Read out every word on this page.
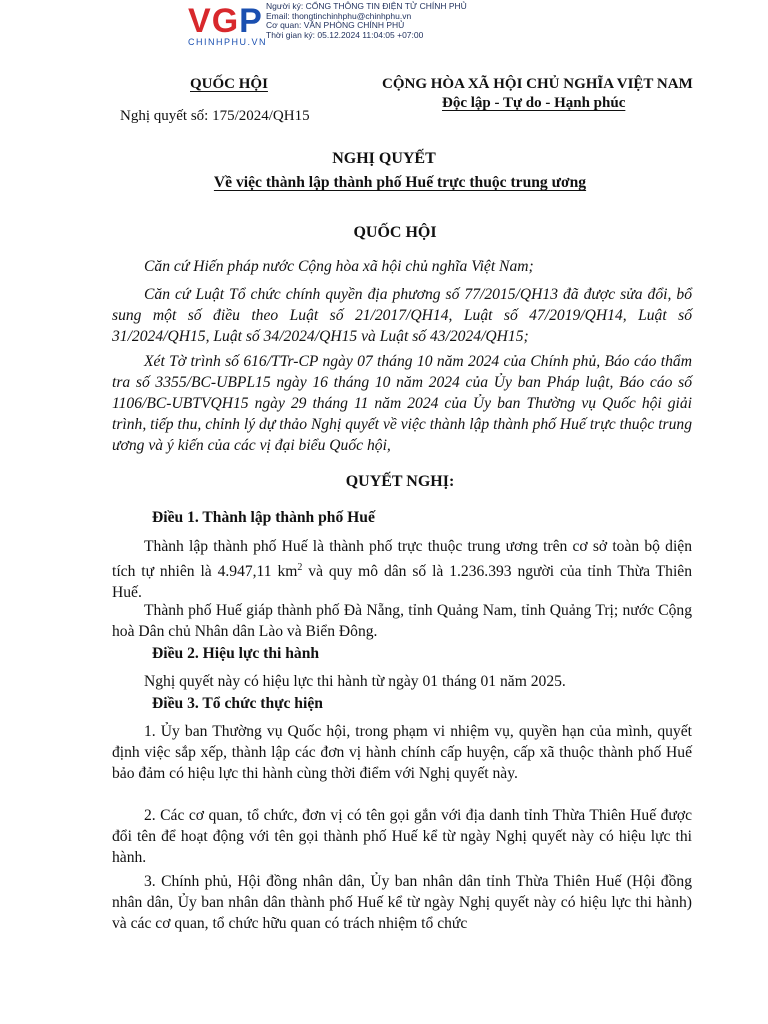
VGP
CHINHPHU.VN
Người ký: CỔNG THÔNG TIN ĐIỆN TỬ CHÍNH PHỦ
Email: thongtinchinhphu@chinhphu.vn
Cơ quan: VĂN PHÒNG CHÍNH PHỦ
Thời gian ký: 05.12.2024 11:04:05 +07:00
QUỐC HỘI
Nghị quyết số: 175/2024/QH15
CỘNG HÒA XÃ HỘI CHỦ NGHĨA VIỆT NAM
Độc lập - Tự do - Hạnh phúc
NGHỊ QUYẾT
Về việc thành lập thành phố Huế trực thuộc trung ương
QUỐC HỘI

Căn cứ Hiến pháp nước Cộng hòa xã hội chủ nghĩa Việt Nam;

Căn cứ Luật Tổ chức chính quyền địa phương số 77/2015/QH13 đã được sửa đổi, bổ sung một số điều theo Luật số 21/2017/QH14, Luật số 47/2019/QH14, Luật số 31/2024/QH15, Luật số 34/2024/QH15 và Luật số 43/2024/QH15;

Xét Tờ trình số 616/TTr-CP ngày 07 tháng 10 năm 2024 của Chính phủ, Báo cáo thẩm tra số 3355/BC-UBPL15 ngày 16 tháng 10 năm 2024 của Ủy ban Pháp luật, Báo cáo số 1106/BC-UBTVQH15 ngày 29 tháng 11 năm 2024 của Ủy ban Thường vụ Quốc hội giải trình, tiếp thu, chỉnh lý dự thảo Nghị quyết về việc thành lập thành phố Huế trực thuộc trung ương và ý kiến của các vị đại biểu Quốc hội,

QUYẾT NGHỊ:
Điều 1. Thành lập thành phố Huế

Thành lập thành phố Huế là thành phố trực thuộc trung ương trên cơ sở toàn bộ diện tích tự nhiên là 4.947,11 $km^2$ và quy mô dân số là 1.236.393 người của tỉnh Thừa Thiên Huế.

Thành phố Huế giáp thành phố Đà Nẵng, tỉnh Quảng Nam, tỉnh Quảng Trị; nước Cộng hoà Dân chủ Nhân dân Lào và Biển Đông.

Điều 2. Hiệu lực thi hành

Nghị quyết này có hiệu lực thi hành từ ngày 01 tháng 01 năm 2025.

Điều 3. Tổ chức thực hiện

1. Ủy ban Thường vụ Quốc hội, trong phạm vi nhiệm vụ, quyền hạn của mình, quyết định việc sắp xếp, thành lập các đơn vị hành chính cấp huyện, cấp xã thuộc thành phố Huế bảo đảm có hiệu lực thi hành cùng thời điểm với Nghị quyết này.

2. Các cơ quan, tổ chức, đơn vị có tên gọi gắn với địa danh tỉnh Thừa Thiên Huế được đổi tên để hoạt động với tên gọi thành phố Huế kể từ ngày Nghị quyết này có hiệu lực thi hành.

3. Chính phủ, Hội đồng nhân dân, Ủy ban nhân dân tỉnh Thừa Thiên Huế (Hội đồng nhân dân, Ủy ban nhân dân thành phố Huế kể từ ngày Nghị quyết này có hiệu lực thi hành) và các cơ quan, tổ chức hữu quan có trách nhiệm tổ chức
